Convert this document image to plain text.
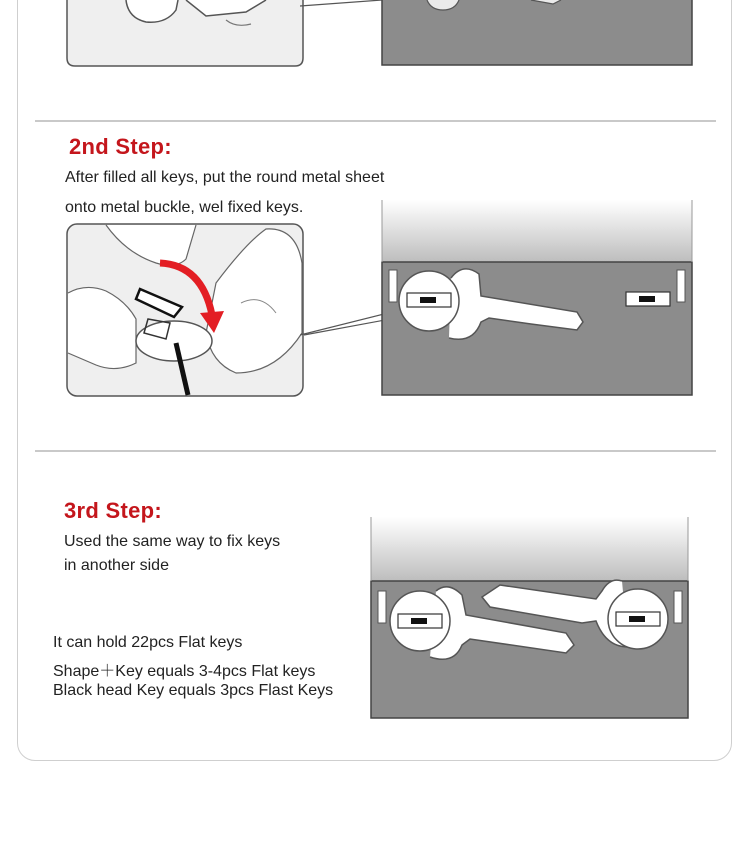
2nd Step:
After filled all keys, put the round metal sheet
onto metal buckle, wel fixed keys.
3rd Step:
Used the same way to fix keys
in another side
It can hold 22pcs Flat keys
Shape＋Key equals 3-4pcs Flat keys
Black head Key equals 3pcs Flast Keys
